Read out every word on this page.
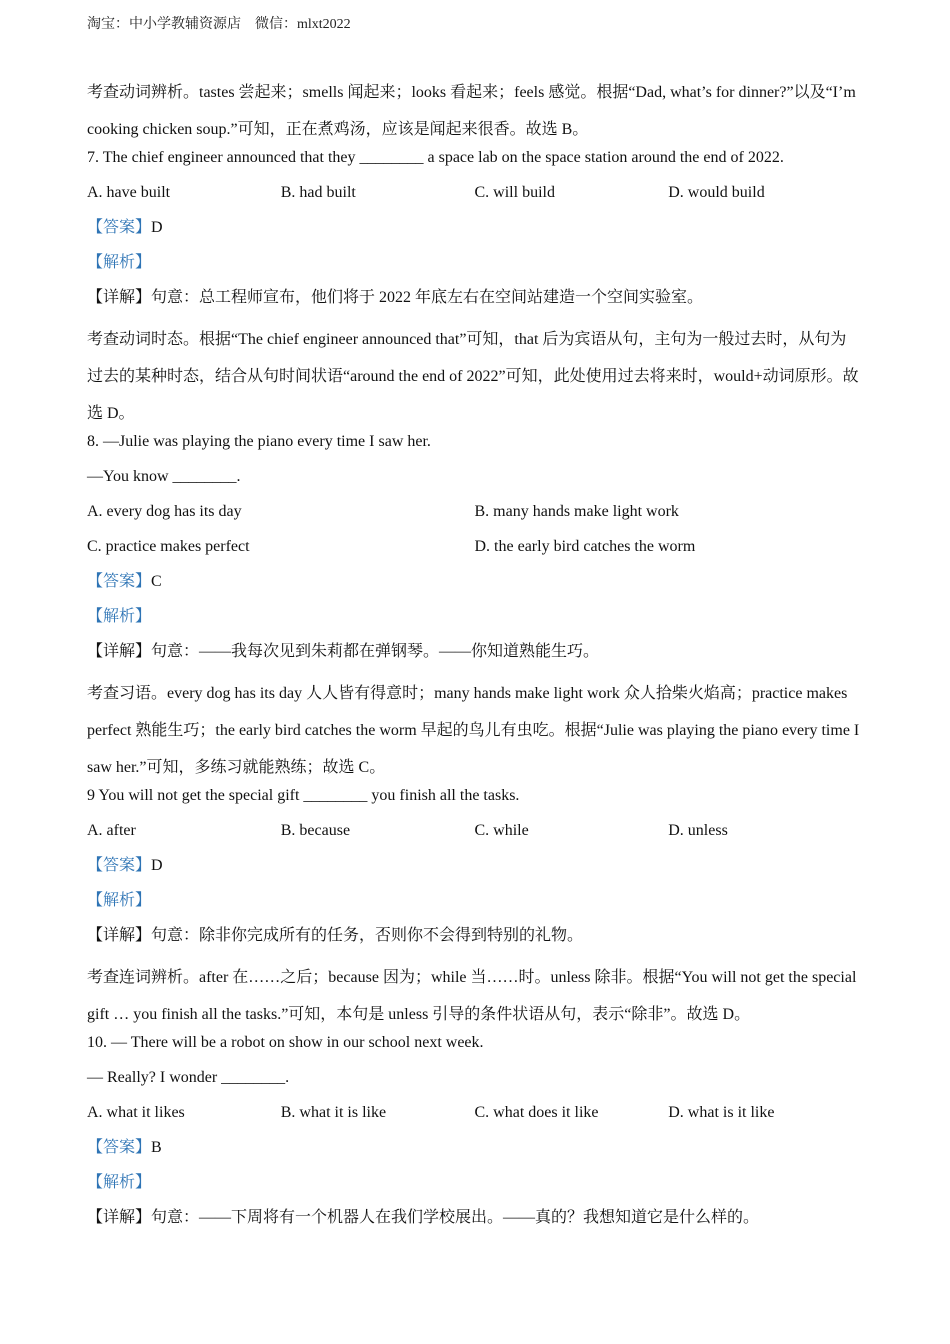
淘宝：中小学教辅资源店　微信：mlxt2022
考查动词辨析。tastes 尝起来；smells 闻起来；looks 看起来；feels 感觉。根据“Dad, what’s for dinner?”以及“I’m cooking chicken soup.”可知，正在煮鸡汤，应该是闻起来很香。故选 B。
7. The chief engineer announced that they ________ a space lab on the space station around the end of 2022.
A. have built	B. had built	C. will build	D. would build
【答案】D
【解析】
【详解】句意：总工程师宣布，他们将于 2022 年底左右在空间站建造一个空间实验室。
考查动词时态。根据“The chief engineer announced that”可知，that 后为宾语从句，主句为一般过去时，从句为过去的某种时态，结合从句时间状语“around the end of 2022”可知，此处使用过去将来时，would+动词原形。故选 D。
8. —Julie was playing the piano every time I saw her.
—You know ________.
A. every dog has its day	B. many hands make light work
C. practice makes perfect	D. the early bird catches the worm
【答案】C
【解析】
【详解】句意：——我每次见到朱莉都在弹钢琴。——你知道熟能生巧。
考查习语。every dog has its day 人人皆有得意时；many hands make light work 众人拾柴火焰高；practice makes perfect 熟能生巧；the early bird catches the worm 早起的鸟儿有虫吃。根据“Julie was playing the piano every time I saw her.”可知，多练习就能熟练；故选 C。
9 You will not get the special gift ________ you finish all the tasks.
A. after	B. because	C. while	D. unless
【答案】D
【解析】
【详解】句意：除非你完成所有的任务，否则你不会得到特别的礼物。
考查连词辨析。after 在……之后；because 因为；while 当……时。unless 除非。根据“You will not get the special gift … you finish all the tasks.”可知，本句是 unless 引导的条件状语从句，表示“除非”。故选 D。
10. — There will be a robot on show in our school next week.
— Really? I wonder ________.
A. what it likes	B. what it is like	C. what does it like	D. what is it like
【答案】B
【解析】
【详解】句意：——下周将有一个机器人在我们学校展出。——真的？我想知道它是什么样的。
